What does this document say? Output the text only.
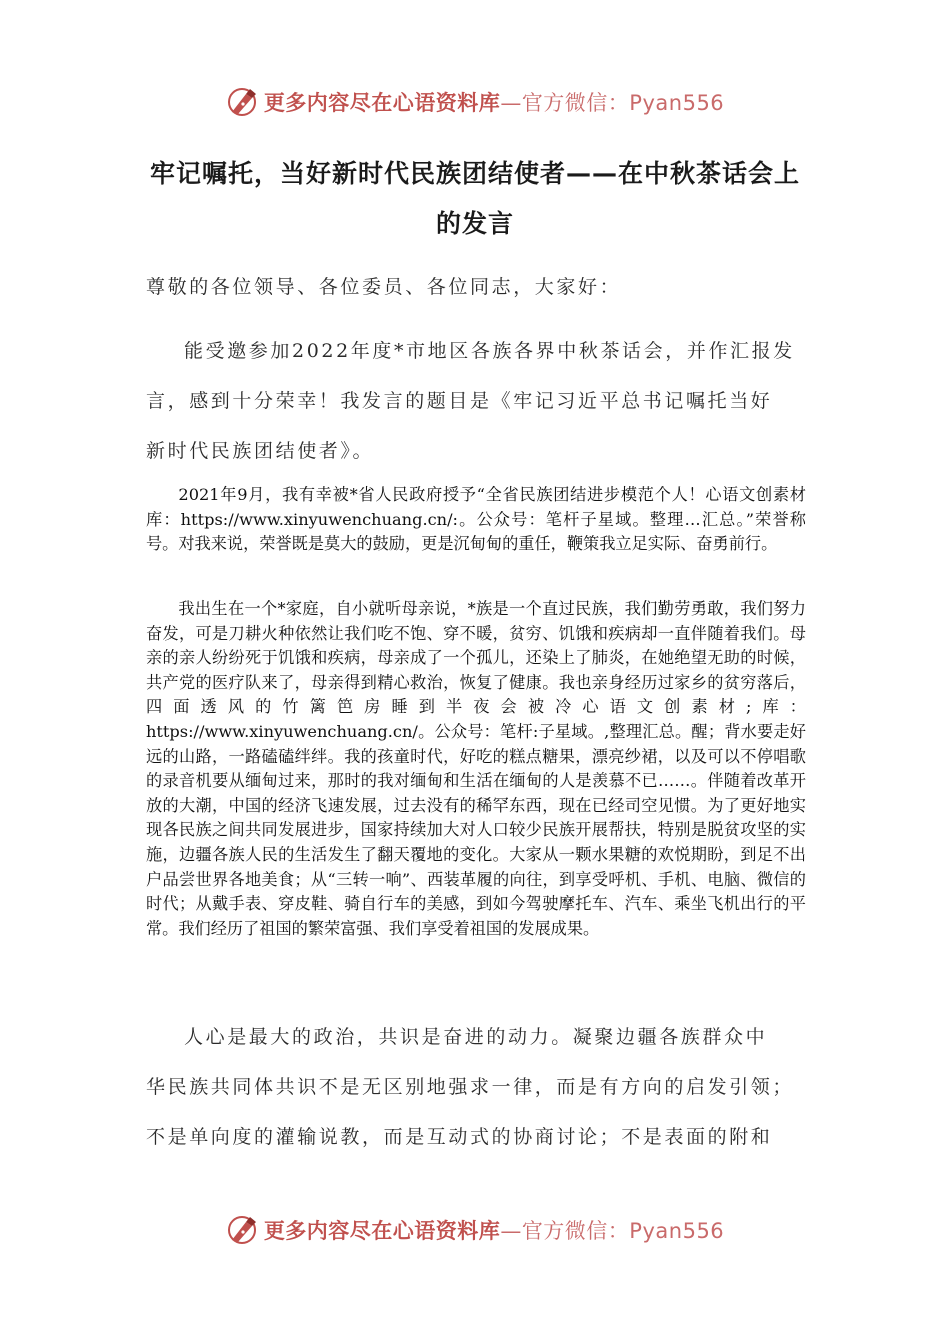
更多内容尽在心语资料库—官方微信：Pyan556
牢记嘱托，当好新时代民族团结使者——在中秋茶话会上
的发言
尊敬的各位领导、各位委员、各位同志，大家好：
能受邀参加2022年度*市地区各族各界中秋茶话会，并作汇报发
言，感到十分荣幸！我发言的题目是《牢记习近平总书记嘱托当好
新时代民族团结使者》。

2021年9月，我有幸被*省人民政府授予“全省民族团结进步模范个人！心语文创素材库：https://www.xinyuwenchuang.cn/:。公众号：笔杆子星域。整理…汇总。”荣誉称号。对我来说，荣誉既是莫大的鼓励，更是沉甸甸的重任，鞭策我立足实际、奋勇前行。

我出生在一个*家庭，自小就听母亲说，*族是一个直过民族，我们勤劳勇敢，我们努力奋发，可是刀耕火种依然让我们吃不饱、穿不暖，贫穷、饥饿和疾病却一直伴随着我们。母亲的亲人纷纷死于饥饿和疾病，母亲成了一个孤儿，还染上了肺炎，在她绝望无助的时候，共产党的医疗队来了，母亲得到精心救治，恢复了健康。我也亲身经历过家乡的贫穷落后，四面透风的竹篱笆房睡到半夜会被冷心语文创素材;库：https://www.xinyuwenchuang.cn/。公众号：笔杆:子星域。,整理汇总。醒；背水要走好远的山路，一路磕磕绊绊。我的孩童时代，好吃的糕点糖果，漂亮纱裙，以及可以不停唱歌的录音机要从缅甸过来，那时的我对缅甸和生活在缅甸的人是羡慕不已……。伴随着改革开放的大潮，中国的经济飞速发展，过去没有的稀罕东西，现在已经司空见惯。为了更好地实现各民族之间共同发展进步，国家持续加大对人口较少民族开展帮扶，特别是脱贫攻坚的实施，边疆各族人民的生活发生了翻天覆地的变化。大家从一颗水果糖的欢悦期盼，到足不出户品尝世界各地美食；从“三转一响”、西装革履的向往，到享受呼机、手机、电脑、微信的时代；从戴手表、穿皮鞋、骑自行车的美感，到如今驾驶摩托车、汽车、乘坐飞机出行的平常。我们经历了祖国的繁荣富强、我们享受着祖国的发展成果。

人心是最大的政治，共识是奋进的动力。凝聚边疆各族群众中
华民族共同体共识不是无区别地强求一律，而是有方向的启发引领；
不是单向度的灌输说教，而是互动式的协商讨论；不是表面的附和
更多内容尽在心语资料库—官方微信：Pyan556
